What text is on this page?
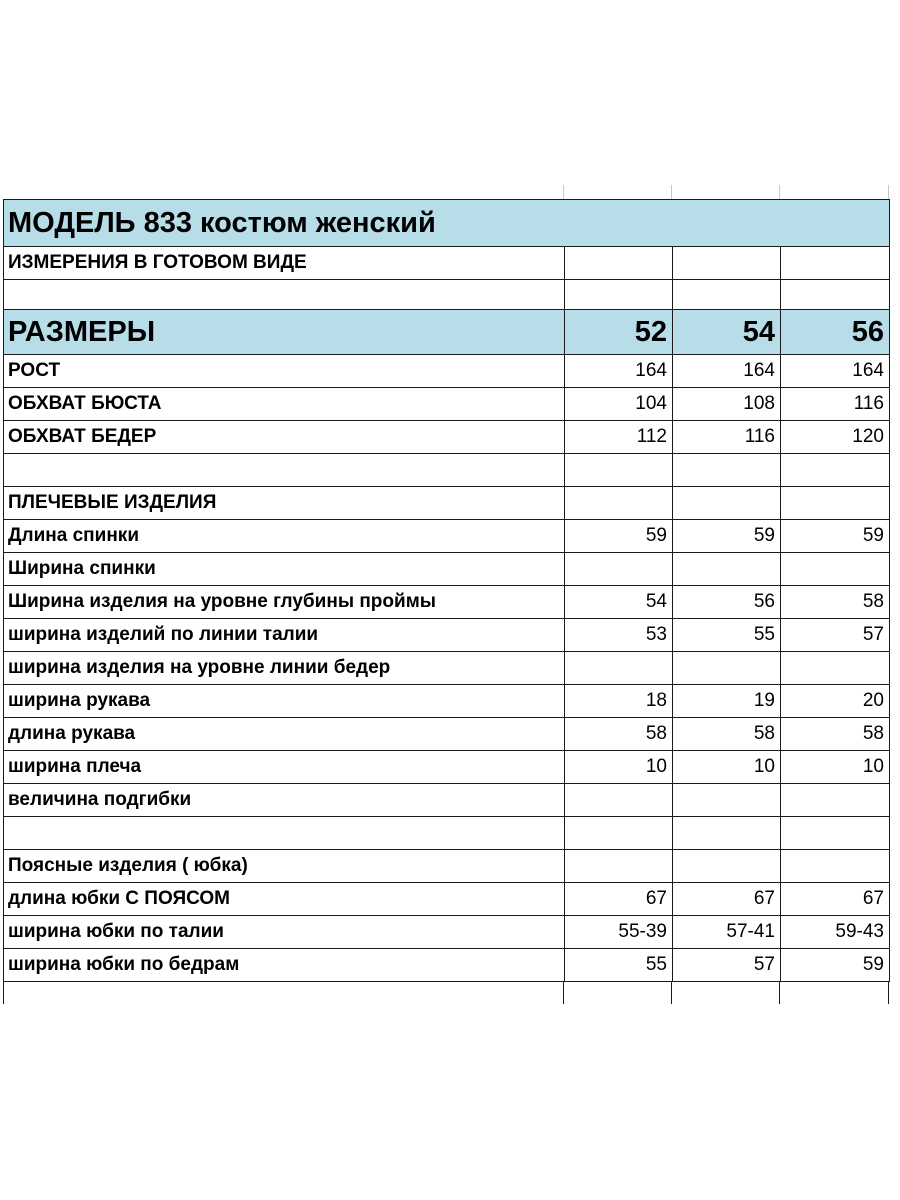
МОДЕЛЬ 833 костюм женский			
ИЗМЕРЕНИЯ В ГОТОВОМ ВИДЕ			

РАЗМЕРЫ	52	54	56
РОСТ	164	164	164
ОБХВАТ БЮСТА	104	108	116
ОБХВАТ БЕДЕР	112	116	120

ПЛЕЧЕВЫЕ ИЗДЕЛИЯ			
Длина спинки	59	59	59
Ширина спинки			
Ширина изделия на уровне глубины проймы	54	56	58
ширина изделий по линии талии	53	55	57
ширина изделия на уровне линии бедер			
ширина рукава	18	19	20
длина рукава	58	58	58
ширина плеча	10	10	10
величина подгибки			

Поясные изделия ( юбка)			
длина юбки С ПОЯСОМ	67	67	67
ширина юбки по талии	55-39	57-41	59-43
ширина юбки по бедрам	55	57	59
